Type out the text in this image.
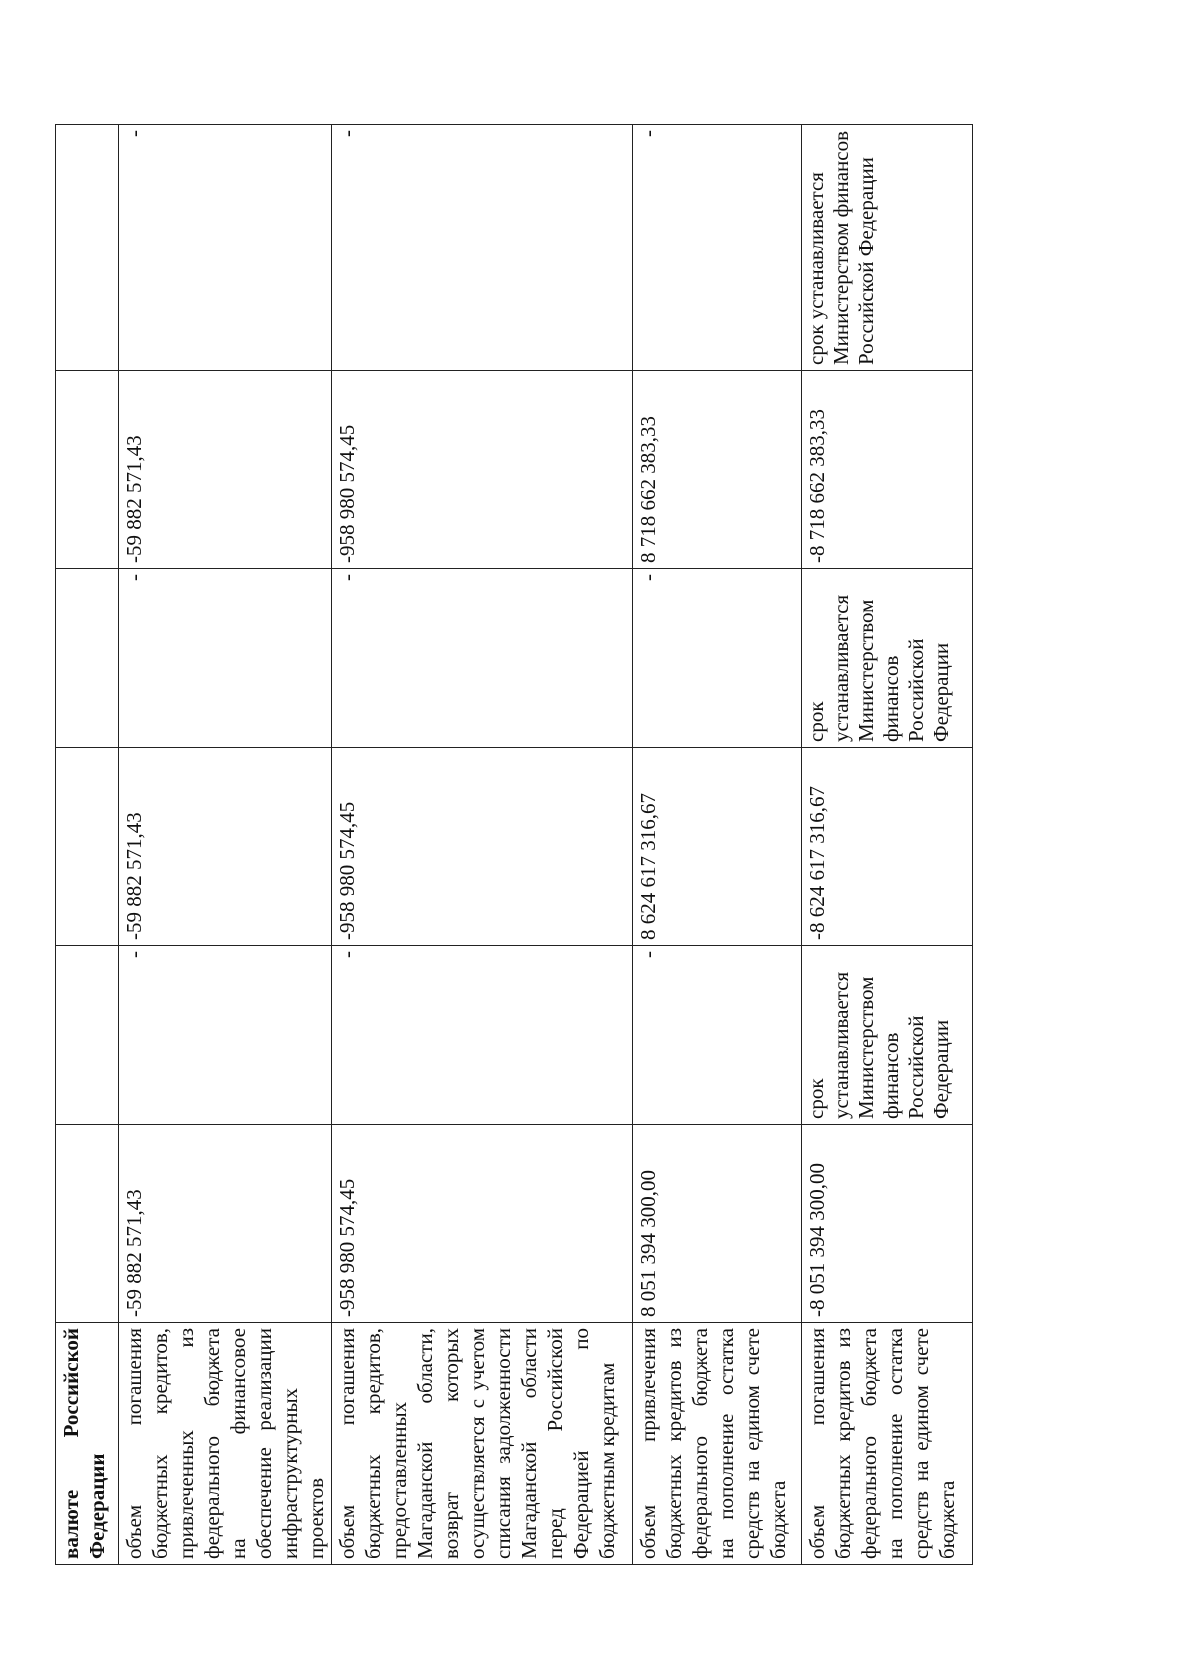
валюте
Российской
Федерации						

объем погашения бюджетных кредитов, привлеченных из федерального бюджета на финансовое обеспечение реализации инфраструктурных проектов	-59 882 571,43	-	-59 882 571,43	-	-59 882 571,43	-
объем погашения бюджетных кредитов, предоставленных Магаданской области, возврат которых осуществляется с учетом списания задолженности Магаданской области перед Российской Федерацией по бюджетным кредитам	-958 980 574,45	-	-958 980 574,45	-	-958 980 574,45	-
объем привлечения бюджетных кредитов из федерального бюджета на пополнение остатка средств на едином счете бюджета	8 051 394 300,00	-	8 624 617 316,67	-	8 718 662 383,33	-
объем погашения бюджетных кредитов из федерального бюджета на пополнение остатка средств на едином счете бюджета	-8 051 394 300,00	срок устанавливается Министерством финансов Российской Федерации	-8 624 617 316,67	срок устанавливается Министерством финансов Российской Федерации	-8 718 662 383,33	срок устанавливается Министерством финансов Российской Федерации
